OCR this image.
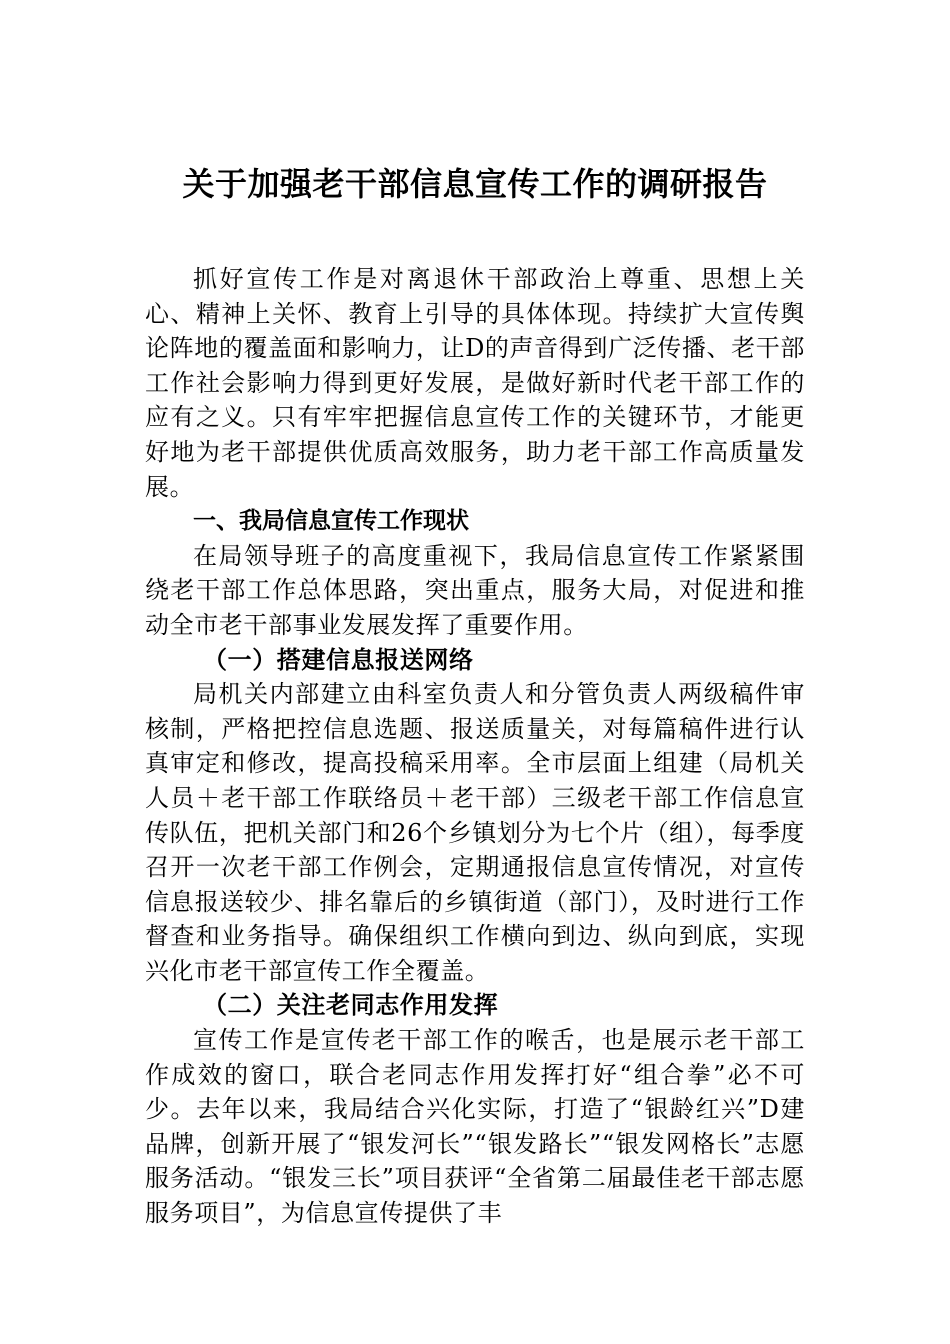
关于加强老干部信息宣传工作的调研报告

抓好宣传工作是对离退休干部政治上尊重、思想上关心、精神上关怀、教育上引导的具体体现。持续扩大宣传舆论阵地的覆盖面和影响力，让D的声音得到广泛传播、老干部工作社会影响力得到更好发展，是做好新时代老干部工作的应有之义。只有牢牢把握信息宣传工作的关键环节，才能更好地为老干部提供优质高效服务，助力老干部工作高质量发展。

一、我局信息宣传工作现状

在局领导班子的高度重视下，我局信息宣传工作紧紧围绕老干部工作总体思路，突出重点，服务大局，对促进和推动全市老干部事业发展发挥了重要作用。

（一）搭建信息报送网络

局机关内部建立由科室负责人和分管负责人两级稿件审核制，严格把控信息选题、报送质量关，对每篇稿件进行认真审定和修改，提高投稿采用率。全市层面上组建（局机关人员＋老干部工作联络员＋老干部）三级老干部工作信息宣传队伍，把机关部门和26个乡镇划分为七个片（组），每季度召开一次老干部工作例会，定期通报信息宣传情况，对宣传信息报送较少、排名靠后的乡镇街道（部门），及时进行工作督查和业务指导。确保组织工作横向到边、纵向到底，实现兴化市老干部宣传工作全覆盖。

（二）关注老同志作用发挥

宣传工作是宣传老干部工作的喉舌，也是展示老干部工作成效的窗口，联合老同志作用发挥打好“组合拳”必不可少。去年以来，我局结合兴化实际，打造了“银龄红兴”D建品牌，创新开展了“银发河长”“银发路长”“银发网格长”志愿服务活动。“银发三长”项目获评“全省第二届最佳老干部志愿服务项目”，为信息宣传提供了丰
